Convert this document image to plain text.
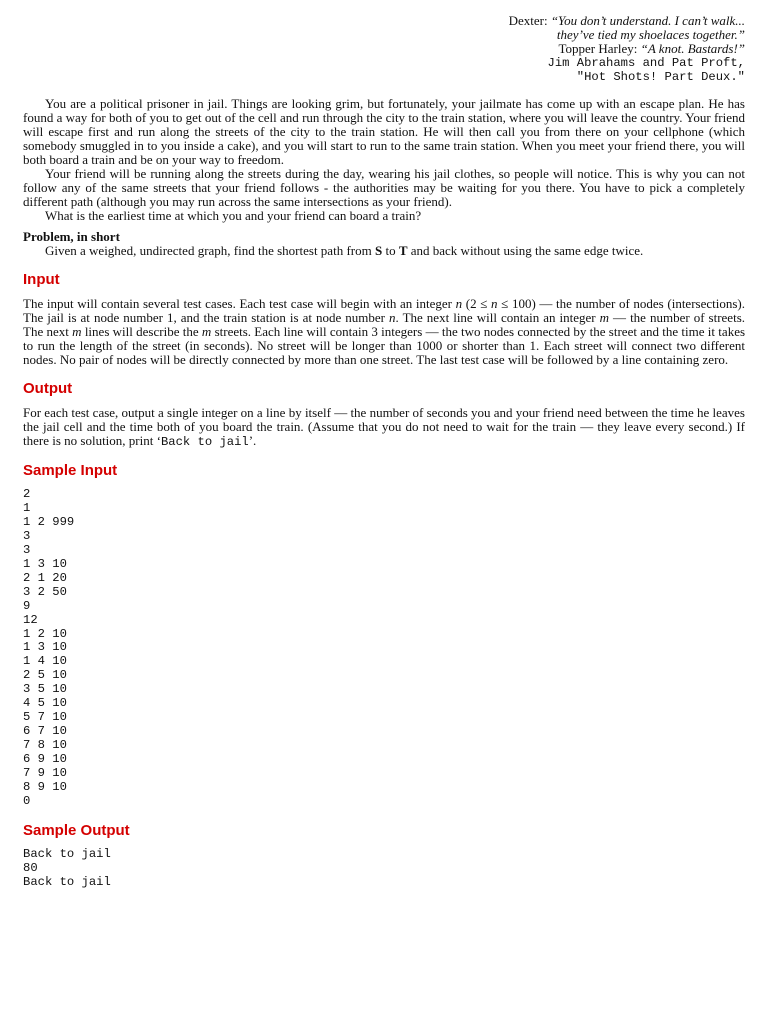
Dexter: “You don’t understand. I can’t walk...
they’ve tied my shoelaces together.”
Topper Harley: “A knot. Bastards!”
Jim Abrahams and Pat Proft,
"Hot Shots! Part Deux."

You are a political prisoner in jail. Things are looking grim, but fortunately, your jailmate has come up with an escape plan. He has found a way for both of you to get out of the cell and run through the city to the train station, where you will leave the country. Your friend will escape first and run along the streets of the city to the train station. He will then call you from there on your cellphone (which somebody smuggled in to you inside a cake), and you will start to run to the same train station. When you meet your friend there, you will both board a train and be on your way to freedom.

Your friend will be running along the streets during the day, wearing his jail clothes, so people will notice. This is why you can not follow any of the same streets that your friend follows - the authorities may be waiting for you there. You have to pick a completely different path (although you may run across the same intersections as your friend).

What is the earliest time at which you and your friend can board a train?

Problem, in short

Given a weighed, undirected graph, find the shortest path from S to T and back without using the same edge twice.

Input

The input will contain several test cases. Each test case will begin with an integer n (2 ≤ n ≤ 100) — the number of nodes (intersections). The jail is at node number 1, and the train station is at node number n. The next line will contain an integer m — the number of streets. The next m lines will describe the m streets. Each line will contain 3 integers — the two nodes connected by the street and the time it takes to run the length of the street (in seconds). No street will be longer than 1000 or shorter than 1. Each street will connect two different nodes. No pair of nodes will be directly connected by more than one street. The last test case will be followed by a line containing zero.

Output

For each test case, output a single integer on a line by itself — the number of seconds you and your friend need between the time he leaves the jail cell and the time both of you board the train. (Assume that you do not need to wait for the train — they leave every second.) If there is no solution, print ‘Back to jail’.

Sample Input
2
1
1 2 999
3
3
1 3 10
2 1 20
3 2 50
9
12
1 2 10
1 3 10
1 4 10
2 5 10
3 5 10
4 5 10
5 7 10
6 7 10
7 8 10
6 9 10
7 9 10
8 9 10
0
Sample Output
Back to jail
80
Back to jail
